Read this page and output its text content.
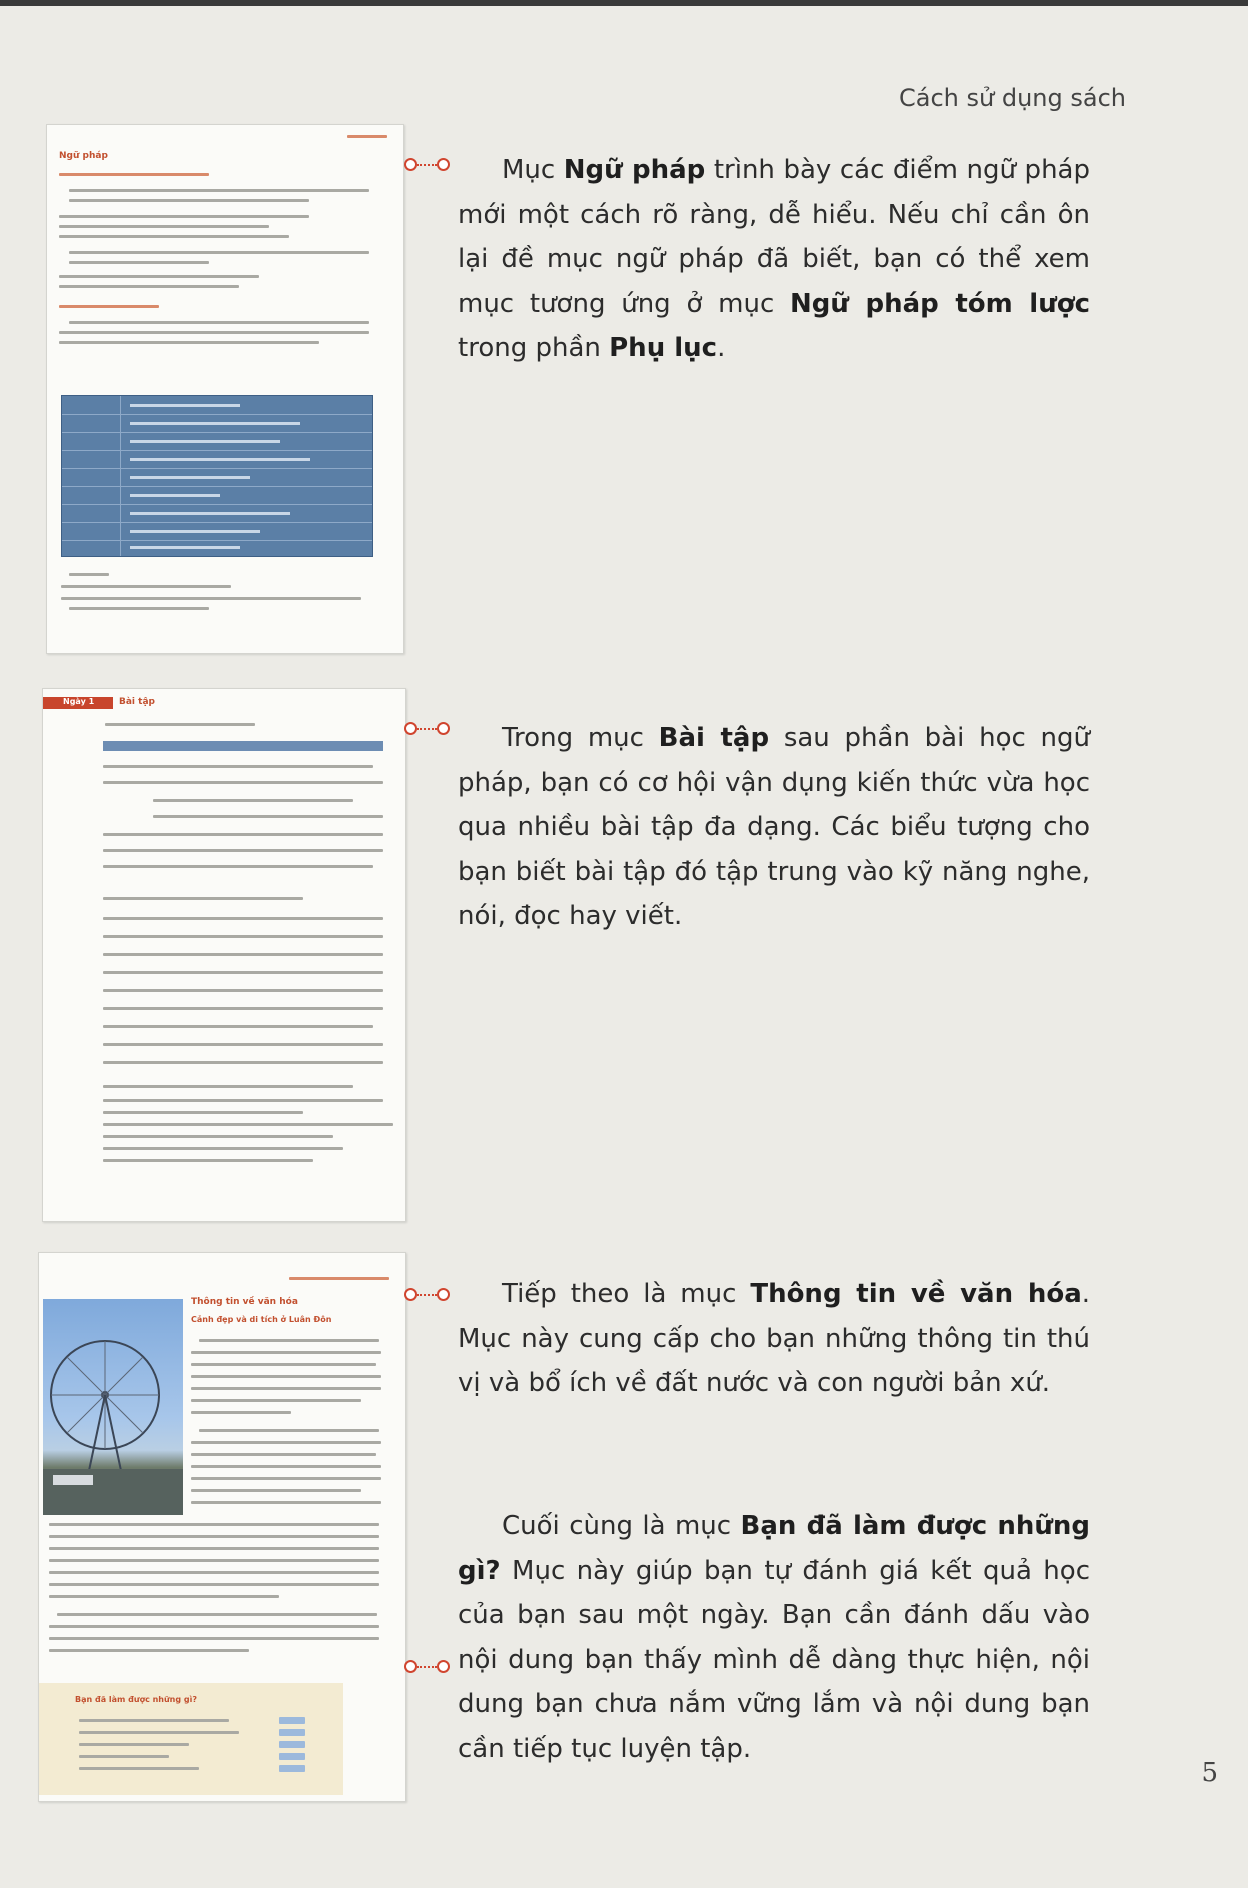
Cách sử dụng sách
Ngữ pháp
Ngày 1	Bài tập
Thông tin về văn hóa
Cảnh đẹp và di tích ở Luân Đôn
Bạn đã làm được những gì?
Mục Ngữ pháp trình bày các điểm ngữ pháp mới một cách rõ ràng, dễ hiểu. Nếu chỉ cần ôn lại đề mục ngữ pháp đã biết, bạn có thể xem mục tương ứng ở mục Ngữ pháp tóm lược trong phần Phụ lục.
Trong mục Bài tập sau phần bài học ngữ pháp, bạn có cơ hội vận dụng kiến thức vừa học qua nhiều bài tập đa dạng. Các biểu tượng cho bạn biết bài tập đó tập trung vào kỹ năng nghe, nói, đọc hay viết.
Tiếp theo là mục Thông tin về văn hóa. Mục này cung cấp cho bạn những thông tin thú vị và bổ ích về đất nước và con người bản xứ.
Cuối cùng là mục Bạn đã làm được những gì? Mục này giúp bạn tự đánh giá kết quả học của bạn sau một ngày. Bạn cần đánh dấu vào nội dung bạn thấy mình dễ dàng thực hiện, nội dung bạn chưa nắm vững lắm và nội dung bạn cần tiếp tục luyện tập.
5
